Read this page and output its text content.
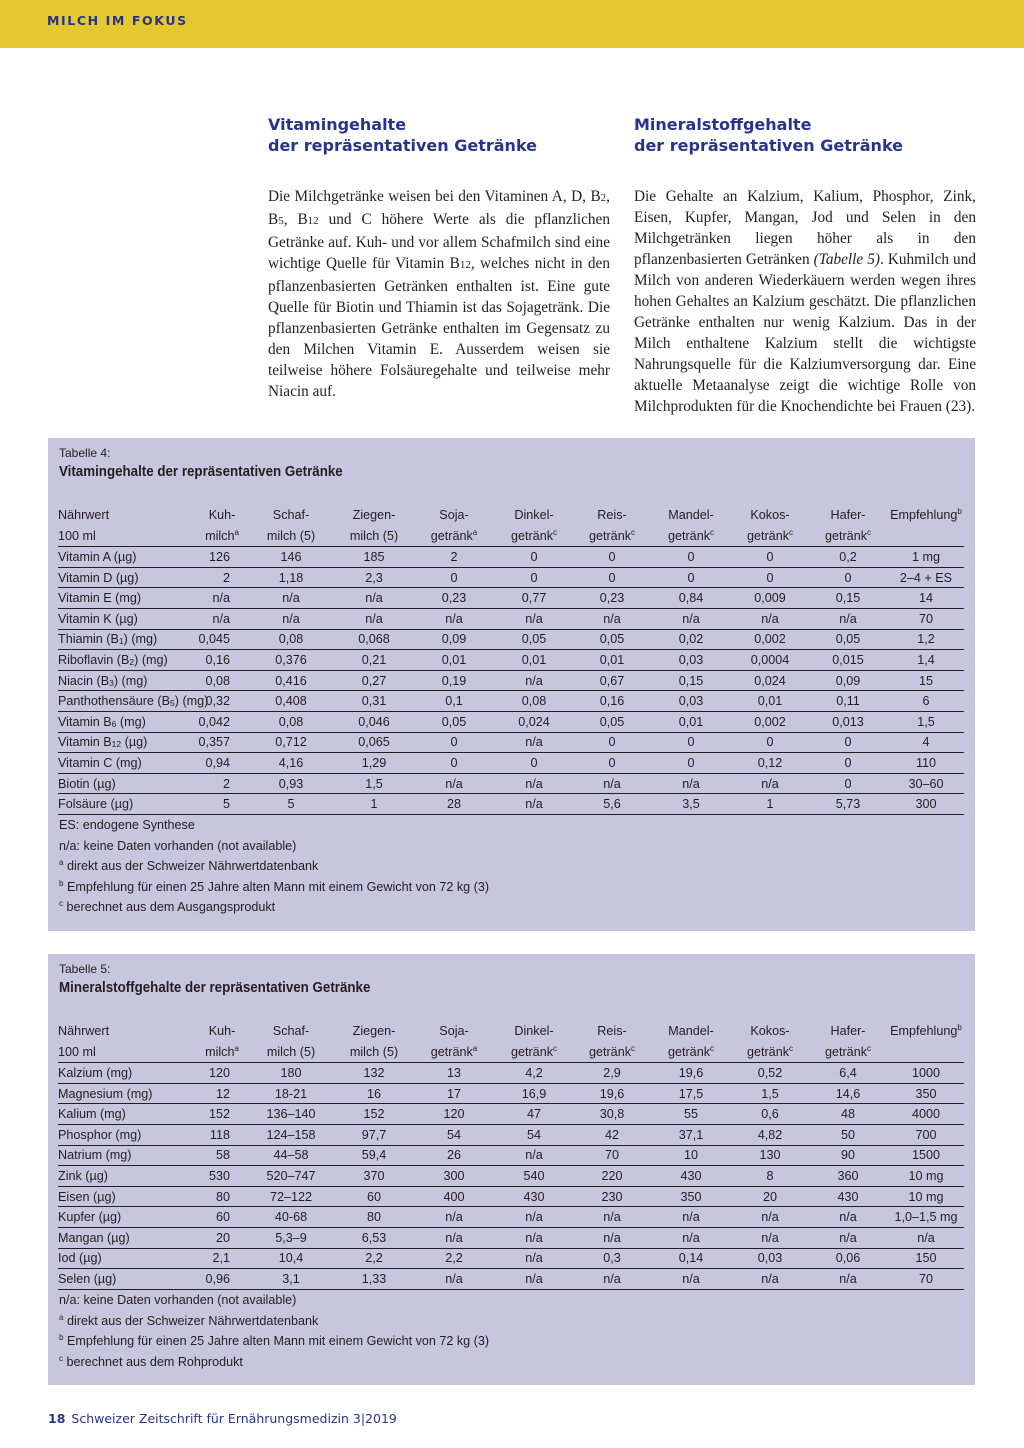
MILCH IM FOKUS
Vitamingehalte
der repräsentativen Getränke

Die Milchgetränke weisen bei den Vitaminen A, D, B2, B5, B12 und C höhere Werte als die pflanzlichen Getränke auf. Kuh- und vor allem Schafmilch sind eine wichtige Quelle für Vitamin B12, welches nicht in den pflanzenbasierten Getränken enthalten ist. Eine gute Quelle für Biotin und Thiamin ist das Sojagetränk. Die pflanzenbasierten Getränke enthalten im Gegensatz zu den Milchen Vitamin E. Ausserdem weisen sie teilweise höhere Folsäuregehalte und teilweise mehr Niacin auf.

Mineralstoffgehalte
der repräsentativen Getränke

Die Gehalte an Kalzium, Kalium, Phosphor, Zink, Eisen, Kupfer, Mangan, Jod und Selen in den Milchgetränken liegen höher als in den pflanzenbasierten Getränken (Tabelle 5). Kuhmilch und Milch von anderen Wiederkäuern werden wegen ihres hohen Gehaltes an Kalzium geschätzt. Die pflanzlichen Getränke enthalten nur wenig Kalzium. Das in der Milch enthaltene Kalzium stellt die wichtigste Nahrungsquelle für die Kalziumversorgung dar. Eine aktuelle Metaanalyse zeigt die wichtige Rolle von Milchprodukten für die Knochendichte bei Frauen (23).

Tabelle 4:
Vitamingehalte der repräsentativen Getränke
Nährwert	Kuh-	Schaf-	Ziegen-	Soja-	Dinkel-	Reis-	Mandel-	Kokos-	Hafer-	Empfehlung$^b$
100 ml	milch$^a$	milch (5)	milch (5)	getränk$^a$	getränk$^c$	getränk$^c$	getränk$^c$	getränk$^c$	getränk$^c$	
Vitamin A (µg)	126	146	185	2	0	0	0	0	0,2	1 mg
Vitamin D (µg)	2	1,18	2,3	0	0	0	0	0	0	2–4 + ES
Vitamin E (mg)	n/a	n/a	n/a	0,23	0,77	0,23	0,84	0,009	0,15	14
Vitamin K (µg)	n/a	n/a	n/a	n/a	n/a	n/a	n/a	n/a	n/a	70
Thiamin $(B_1)$ (mg)	0,045	0,08	0,068	0,09	0,05	0,05	0,02	0,002	0,05	1,2
Riboflavin $(B_2)$ (mg)	0,16	0,376	0,21	0,01	0,01	0,01	0,03	0,0004	0,015	1,4
Niacin $(B_3)$ (mg)	0,08	0,416	0,27	0,19	n/a	0,67	0,15	0,024	0,09	15
Panthothensäure $(B_5)$ (mg)	0,32	0,408	0,31	0,1	0,08	0,16	0,03	0,01	0,11	6
Vitamin $B_6$ (mg)	0,042	0,08	0,046	0,05	0,024	0,05	0,01	0,002	0,013	1,5
Vitamin $B_{12}$ (µg)	0,357	0,712	0,065	0	n/a	0	0	0	0	4
Vitamin C (mg)	0,94	4,16	1,29	0	0	0	0	0,12	0	110
Biotin (µg)	2	0,93	1,5	n/a	n/a	n/a	n/a	n/a	0	30–60
Folsäure (µg)	5	5	1	28	n/a	5,6	3,5	1	5,73	300
ES: endogene Synthese
n/a: keine Daten vorhanden (not available)
$^a$ direkt aus der Schweizer Nährwertdatenbank
$^b$ Empfehlung für einen 25 Jahre alten Mann mit einem Gewicht von 72 kg (3)
$^c$ berechnet aus dem Ausgangsprodukt
Tabelle 5:
Mineralstoffgehalte der repräsentativen Getränke
Nährwert	Kuh-	Schaf-	Ziegen-	Soja-	Dinkel-	Reis-	Mandel-	Kokos-	Hafer-	Empfehlung$^b$
100 ml	milch$^a$	milch (5)	milch (5)	getränk$^a$	getränk$^c$	getränk$^c$	getränk$^c$	getränk$^c$	getränk$^c$	
Kalzium (mg)	120	180	132	13	4,2	2,9	19,6	0,52	6,4	1000
Magnesium (mg)	12	18-21	16	17	16,9	19,6	17,5	1,5	14,6	350
Kalium (mg)	152	136–140	152	120	47	30,8	55	0,6	48	4000
Phosphor (mg)	118	124–158	97,7	54	54	42	37,1	4,82	50	700
Natrium (mg)	58	44–58	59,4	26	n/a	70	10	130	90	1500
Zink (µg)	530	520–747	370	300	540	220	430	8	360	10 mg
Eisen (µg)	80	72–122	60	400	430	230	350	20	430	10 mg
Kupfer (µg)	60	40-68	80	n/a	n/a	n/a	n/a	n/a	n/a	1,0–1,5 mg
Mangan (µg)	20	5,3–9	6,53	n/a	n/a	n/a	n/a	n/a	n/a	n/a
Iod (µg)	2,1	10,4	2,2	2,2	n/a	0,3	0,14	0,03	0,06	150
Selen (µg)	0,96	3,1	1,33	n/a	n/a	n/a	n/a	n/a	n/a	70
n/a: keine Daten vorhanden (not available)
$^a$ direkt aus der Schweizer Nährwertdatenbank
$^b$ Empfehlung für einen 25 Jahre alten Mann mit einem Gewicht von 72 kg (3)
$^c$ berechnet aus dem Rohprodukt
18 Schweizer Zeitschrift für Ernährungsmedizin 3|2019
